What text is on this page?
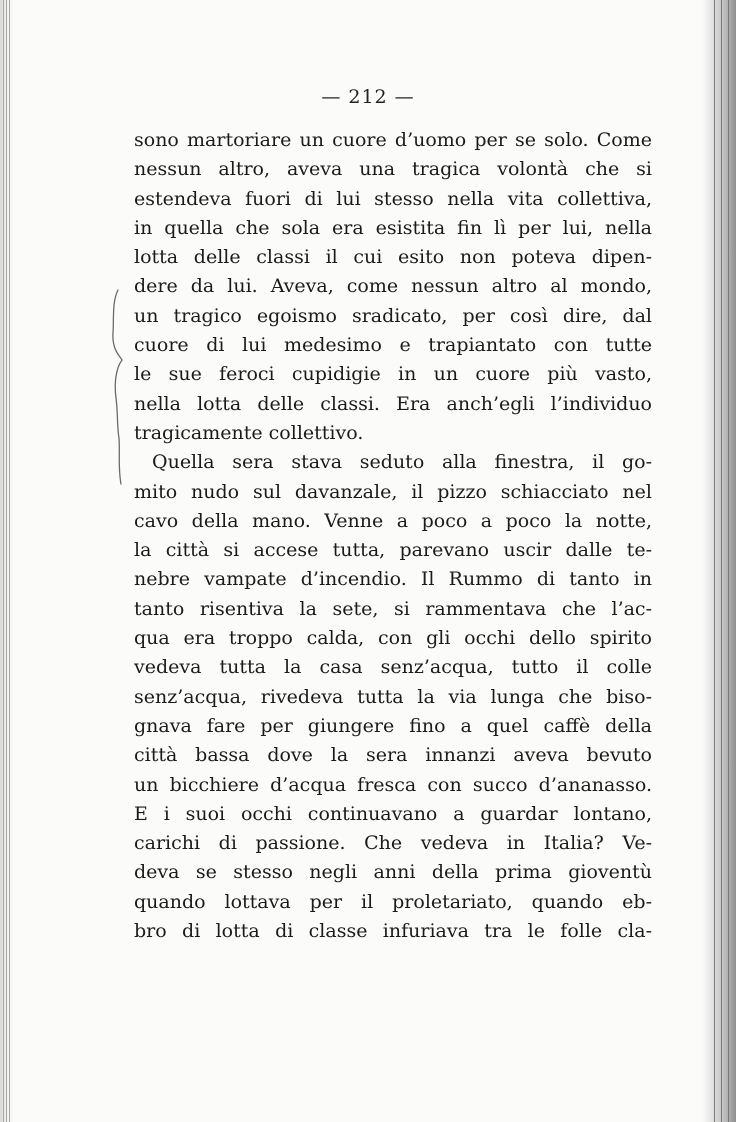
— 212 —
sono martoriare un cuore d’uomo per se solo. Come
nessun altro, aveva una tragica volontà che si
estendeva fuori di lui stesso nella vita collettiva,
in quella che sola era esistita fin lì per lui, nella
lotta delle classi il cui esito non poteva dipen-
dere da lui. Aveva, come nessun altro al mondo,
un tragico egoismo sradicato, per così dire, dal
cuore di lui medesimo e trapiantato con tutte
le sue feroci cupidigie in un cuore più vasto,
nella lotta delle classi. Era anch’egli l’individuo
tragicamente collettivo.
Quella sera stava seduto alla finestra, il go-
mito nudo sul davanzale, il pizzo schiacciato nel
cavo della mano. Venne a poco a poco la notte,
la città si accese tutta, parevano uscir dalle te-
nebre vampate d’incendio. Il Rummo di tanto in
tanto risentiva la sete, si rammentava che l’ac-
qua era troppo calda, con gli occhi dello spirito
vedeva tutta la casa senz’acqua, tutto il colle
senz’acqua, rivedeva tutta la via lunga che biso-
gnava fare per giungere fino a quel caffè della
città bassa dove la sera innanzi aveva bevuto
un bicchiere d’acqua fresca con succo d’ananasso.
E i suoi occhi continuavano a guardar lontano,
carichi di passione. Che vedeva in Italia? Ve-
deva se stesso negli anni della prima gioventù
quando lottava per il proletariato, quando eb-
bro di lotta di classe infuriava tra le folle cla-
